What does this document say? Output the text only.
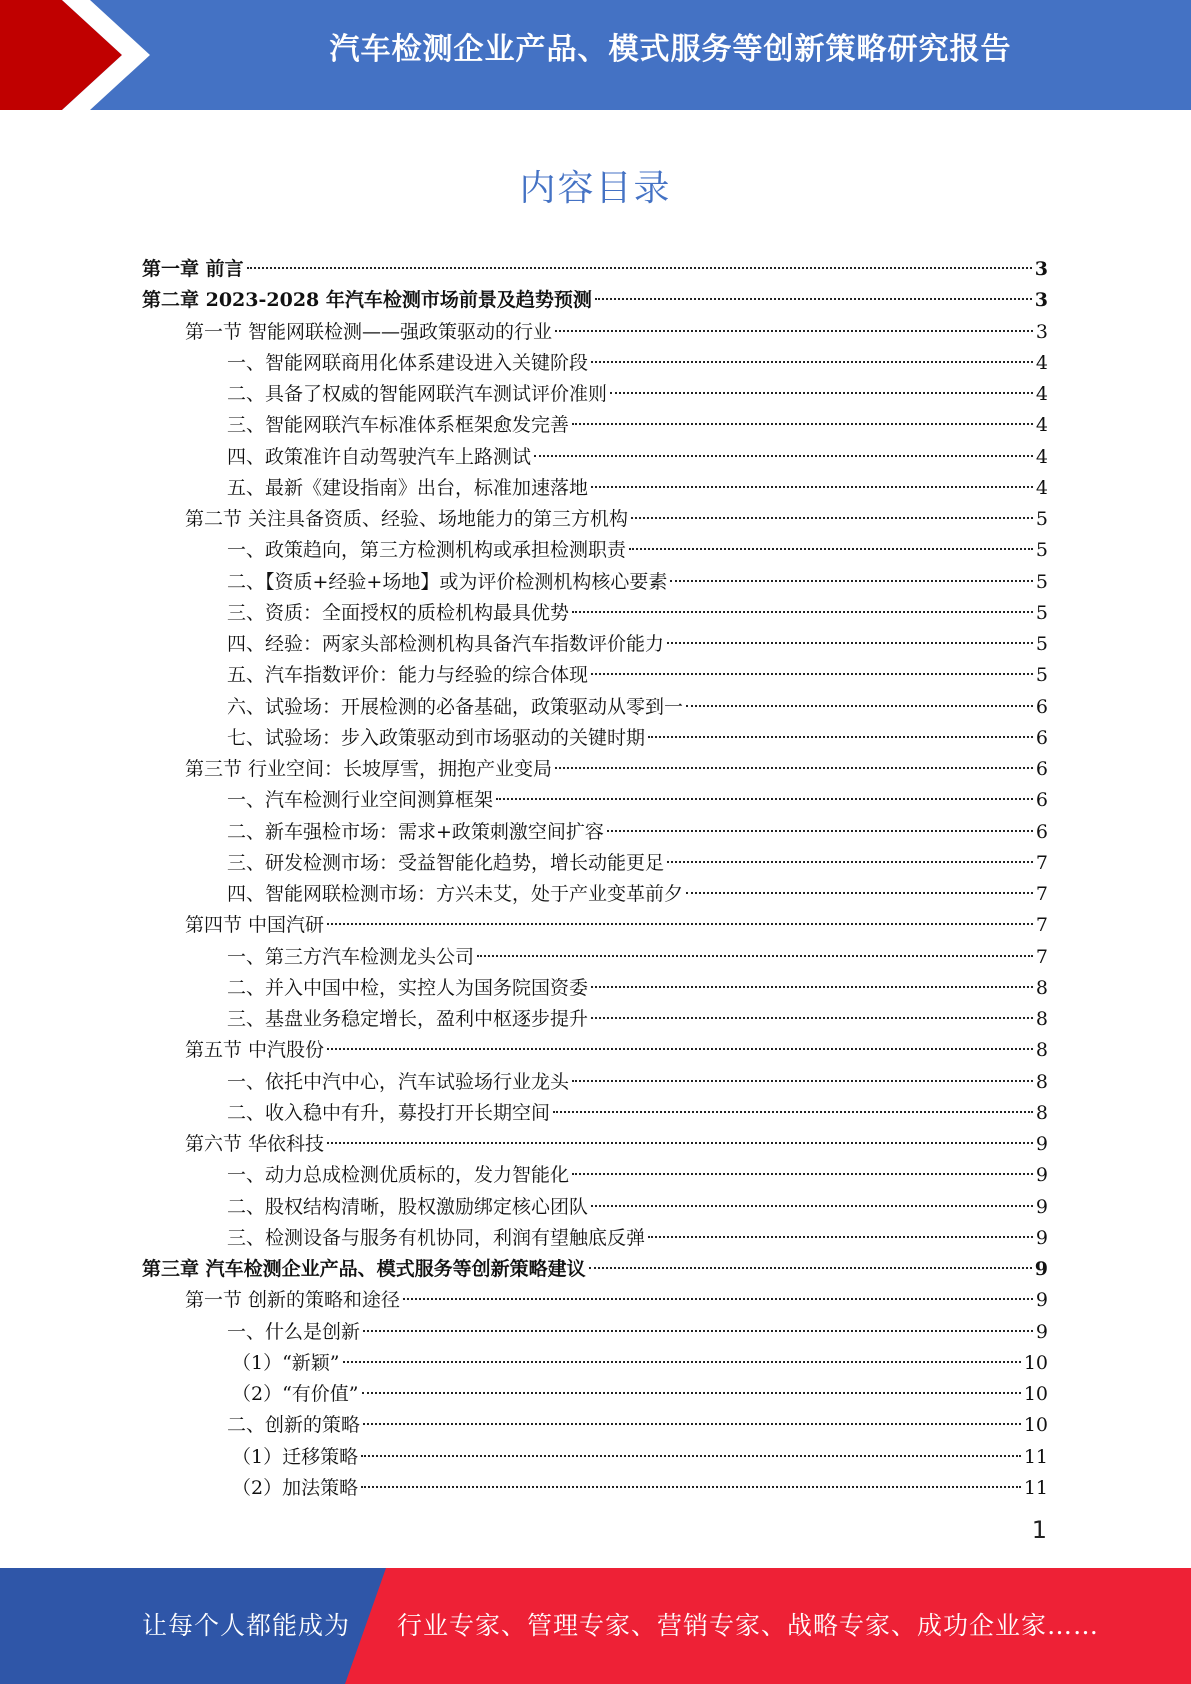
汽车检测企业产品、模式服务等创新策略研究报告
内容目录
第一章 前言	3
第二章 2023-2028 年汽车检测市场前景及趋势预测	3
第一节 智能网联检测——强政策驱动的行业	3
一、智能网联商用化体系建设进入关键阶段	4
二、具备了权威的智能网联汽车测试评价准则	4
三、智能网联汽车标准体系框架愈发完善	4
四、政策准许自动驾驶汽车上路测试	4
五、最新《建设指南》出台，标准加速落地	4
第二节 关注具备资质、经验、场地能力的第三方机构	5
一、政策趋向，第三方检测机构或承担检测职责	5
二、【资质+经验+场地】或为评价检测机构核心要素	5
三、资质：全面授权的质检机构最具优势	5
四、经验：两家头部检测机构具备汽车指数评价能力	5
五、汽车指数评价：能力与经验的综合体现	5
六、试验场：开展检测的必备基础，政策驱动从零到一	6
七、试验场：步入政策驱动到市场驱动的关键时期	6
第三节 行业空间：长坡厚雪，拥抱产业变局	6
一、汽车检测行业空间测算框架	6
二、新车强检市场：需求+政策刺激空间扩容	6
三、研发检测市场：受益智能化趋势，增长动能更足	7
四、智能网联检测市场：方兴未艾，处于产业变革前夕	7
第四节 中国汽研	7
一、第三方汽车检测龙头公司	7
二、并入中国中检，实控人为国务院国资委	8
三、基盘业务稳定增长，盈利中枢逐步提升	8
第五节 中汽股份	8
一、依托中汽中心，汽车试验场行业龙头	8
二、收入稳中有升，募投打开长期空间	8
第六节 华依科技	9
一、动力总成检测优质标的，发力智能化	9
二、股权结构清晰，股权激励绑定核心团队	9
三、检测设备与服务有机协同，利润有望触底反弹	9
第三章 汽车检测企业产品、模式服务等创新策略建议	9
第一节 创新的策略和途径	9
一、什么是创新	9
（1）“新颖”	10
（2）“有价值”	10
二、创新的策略	10
（1）迁移策略	11
（2）加法策略	11
1
让每个人都能成为 行业专家、管理专家、营销专家、战略专家、成功企业家……
